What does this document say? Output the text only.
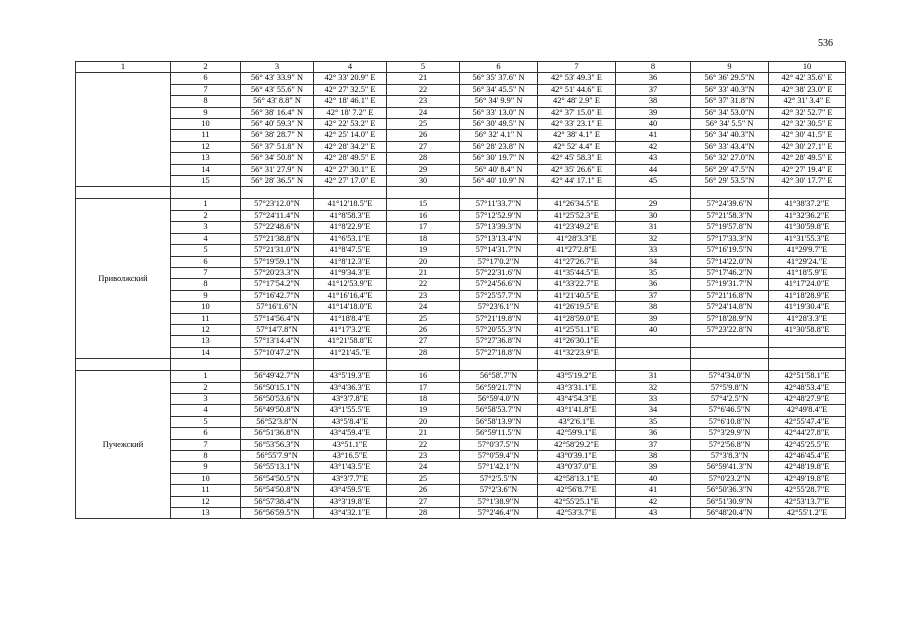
536
1	2	3	4	5	6	7	8	9	10
	6	56° 43' 33.9" N	42° 33' 20.9" E	21	56° 35' 37.6" N	42° 53' 49.3" E	36	56° 36' 29.5"N	42° 42' 35.6" E
	7	56° 43' 55.6" N	42° 27' 32.5" E	22	56° 34' 45.5" N	42° 51' 44.6" E	37	56° 33' 40.3"N	42° 38' 23.0" E
	8	56° 43' 8.8" N	42° 18' 46.1" E	23	56° 34' 9.9" N	42° 48' 2.9" E	38	56° 37' 31.8"N	42° 31' 3.4" E
	9	56° 38' 16.4" N	42° 18' 7.2" E	24	56° 33' 13.0" N	42° 37' 15.0" E	39	56° 34' 53.0"N	42° 32' 52.7" E
	10	56° 40' 59.3" N	42° 22' 53.2" E	25	56° 30' 49.5" N	42° 33' 23.1" E	40	56° 34' 5.5" N	42° 32' 30.5" E
	11	56° 38' 28.7" N	42° 25' 14.0" E	26	56° 32' 4.1" N	42° 38' 4.1" E	41	56° 34' 40.3"N	42° 30' 41.5" E
	12	56° 37' 51.8" N	42° 28' 34.2" E	27	56° 28' 23.8" N	42° 52' 4.4" E	42	56° 33' 43.4"N	42° 30' 27.1" E
	13	56° 34' 50.8" N	42° 28' 49.5" E	28	56° 30' 19.7" N	42° 45' 58.3" E	43	56° 32' 27.0"N	42° 28' 49.5" E
	14	56° 31' 27.9" N	42° 27' 30.1" E	29	56° 40' 8.4" N	42° 35' 26.6" E	44	56° 29' 47.5"N	42° 27' 19.4" E
	15	56° 28' 36.5" N	42° 27' 17.0" E	30	56° 40' 10.9" N	42° 44' 17.1" E	45	56° 29' 53.5"N	42° 30' 17.7" E

Приволжский	1	57°23'12.0"N	41°12'18.5"E	15	57°11'33.7"N	41°26'34.5"E	29	57°24'39.6"N	41°38'37.2"E
	2	57°24'11.4"N	41°8'58.3"E	16	57°12'52.9"N	41°25'52.3"E	30	57°21'58.3"N	41°32'36.2"E
	3	57°22'48.6"N	41°8'22.9"E	17	57°13'39.3"N	41°23'49.2"E	31	57°19'57.8"N	41°30'59.8"E
	4	57°21'38.8"N	41°6'53.1"E	18	57°13'13.4"N	41°28'3.3"E	32	57°17'33.3"N	41°31'55.3"E
	5	57°21'31.0"N	41°8'47.5"E	19	57°14'31.7"N	41°27'2.8"E	33	57°16'19.5"N	41°29'9.7"E
	6	57°19'59.1"N	41°8'12.3"E	20	57°17'0.2"N	41°27'26.7"E	34	57°14'22.0"N	41°29'24."E
	7	57°20'23.3"N	41°9'34.3"E	21	57°22'31.6"N	41°35'44.5"E	35	57°17'46.2"N	41°18'5.9"E
	8	57°17'54.2"N	41°12'53.9"E	22	57°24'56.6"N	41°33'22.7"E	36	57°19'31.7"N	41°17'24.0"E
	9	57°16'42.7"N	41°16'16.4"E	23	57°25'57.7"N	41°21'40.5"E	37	57°21'16.8"N	41°18'28.9"E
	10	57°16'1.6"N	41°14'18.0"E	24	57°23'6.1"N	41°26'19.5"E	38	57°24'14.8"N	41°19'30.4"E
	11	57°14'56.4"N	41°18'8.4"E	25	57°21'19.8"N	41°28'59.0"E	39	57°18'28.9"N	41°28'3.3"E
	12	57°14'7.8"N	41°17'3.2"E	26	57°20'55.3"N	41°25'51.1"E	40	57°23'22.8"N	41°30'58.8"E
	13	57°13'14.4"N	41°21'58.8"E	27	57°27'36.8"N	41°26'30.1"E			
	14	57°10'47.2"N	41°21'45."E	28	57°27'18.8"N	41°32'23.9"E			

Пучежский	1	56°49'42.7"N	43°5'19.3"E	16	56°58'.7"N	43°5'19.2"E	31	57°4'34.0"N	42°51'58.1"E
	2	56°50'15.1"N	43°4'36.3"E	17	56°59'21.7"N	43°3'31.1"E	32	57°5'9.8"N	42°48'53.4"E
	3	56°50'53.6"N	43°3'7.8"E	18	56°59'4.0"N	43°4'54.3"E	33	57°4'2.5"N	42°48'27.9"E
	4	56°49'50.8"N	43°1'55.5"E	19	56°58'53.7"N	43°1'41.8"E	34	57°6'46.5"N	42°49'8.4"E
	5	56°52'3.8"N	43°5'8.4"E	20	56°58'13.9"N	43°2'6.1"E	35	57°6'10.8"N	42°55'47.4"E
	6	56°51'36.8"N	43°4'59.4"E	21	56°59'11.5"N	42°59'9.1"E	36	57°3'29.9"N	42°44'27.8"E
	7	56°53'56.3"N	43°51.1"E	22	57°0'37.5"N	42°58'29.2"E	37	57°2'56.8"N	42°45'25.5"E
	8	56°55'7.9"N	43°16.5"E	23	57°0'59.4"N	43°0'39.1"E	38	57°3'8.3"N	42°46'45.4"E
	9	56°55'13.1"N	43°1'43.5"E	24	57°1'42.1"N	43°0'37.0"E	39	56°59'41.3"N	42°48'19.8"E
	10	56°54'50.5"N	43°3'7.7"E	25	57°2'5.5"N	42°58'13.1"E	40	57°0'23.2"N	42°49'19.8"E
	11	56°54'50.8"N	43°4'59.5"E	26	57°2'3.6"N	42°56'8.7"E	41	56°50'36.3"N	42°55'28.7"E
	12	56°57'38.4"N	43°3'19.8"E	27	57°1'38.9"N	42°55'25.1"E	42	56°51'30.9"N	42°53'13.7"E
	13	56°56'59.5"N	43°4'32.1"E	28	57°2'46.4"N	42°53'3.7"E	43	56°48'20.4"N	42°55'1.2"E
